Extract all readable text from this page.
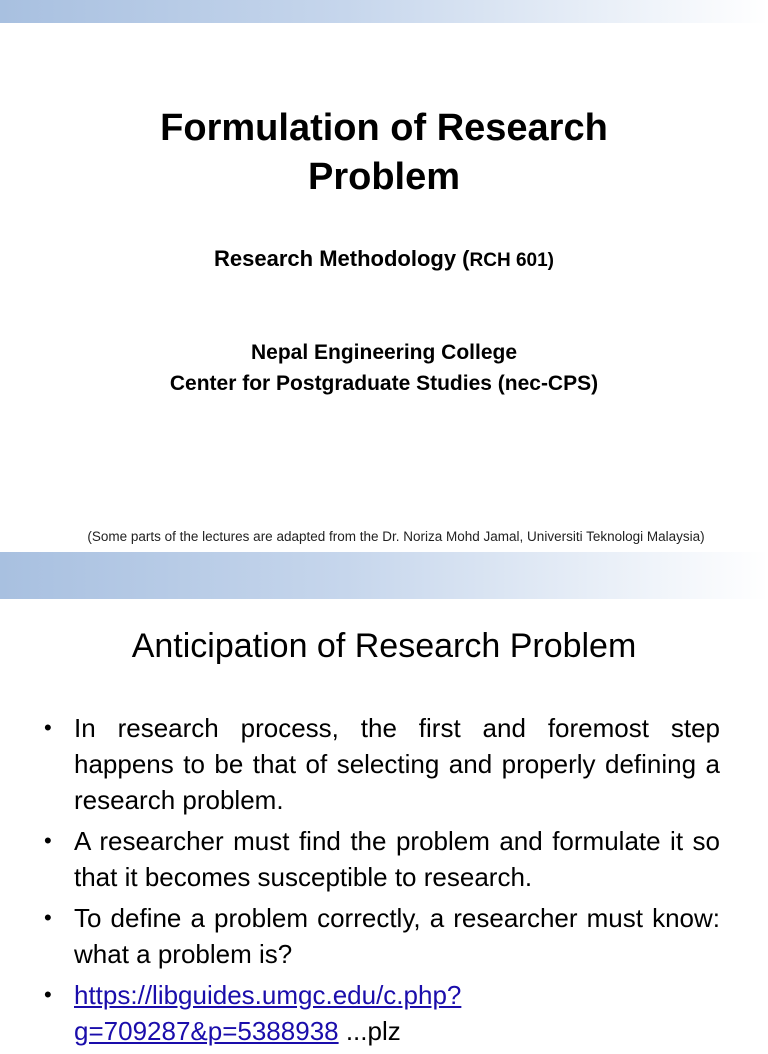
Formulation of Research
Problem
Research Methodology (RCH 601)
Nepal Engineering College
Center for Postgraduate Studies (nec-CPS)
(Some parts of the lectures are adapted from the Dr. Noriza Mohd Jamal, Universiti Teknologi Malaysia)
Anticipation of Research Problem
• In research process, the first and foremost step happens to be that of selecting and properly defining a research problem.
• A researcher must find the problem and formulate it so that it becomes susceptible to research.
• To define a problem correctly, a researcher must know: what a problem is?
• https://libguides.umgc.edu/c.php?g=709287&p=5388938 ...plz
